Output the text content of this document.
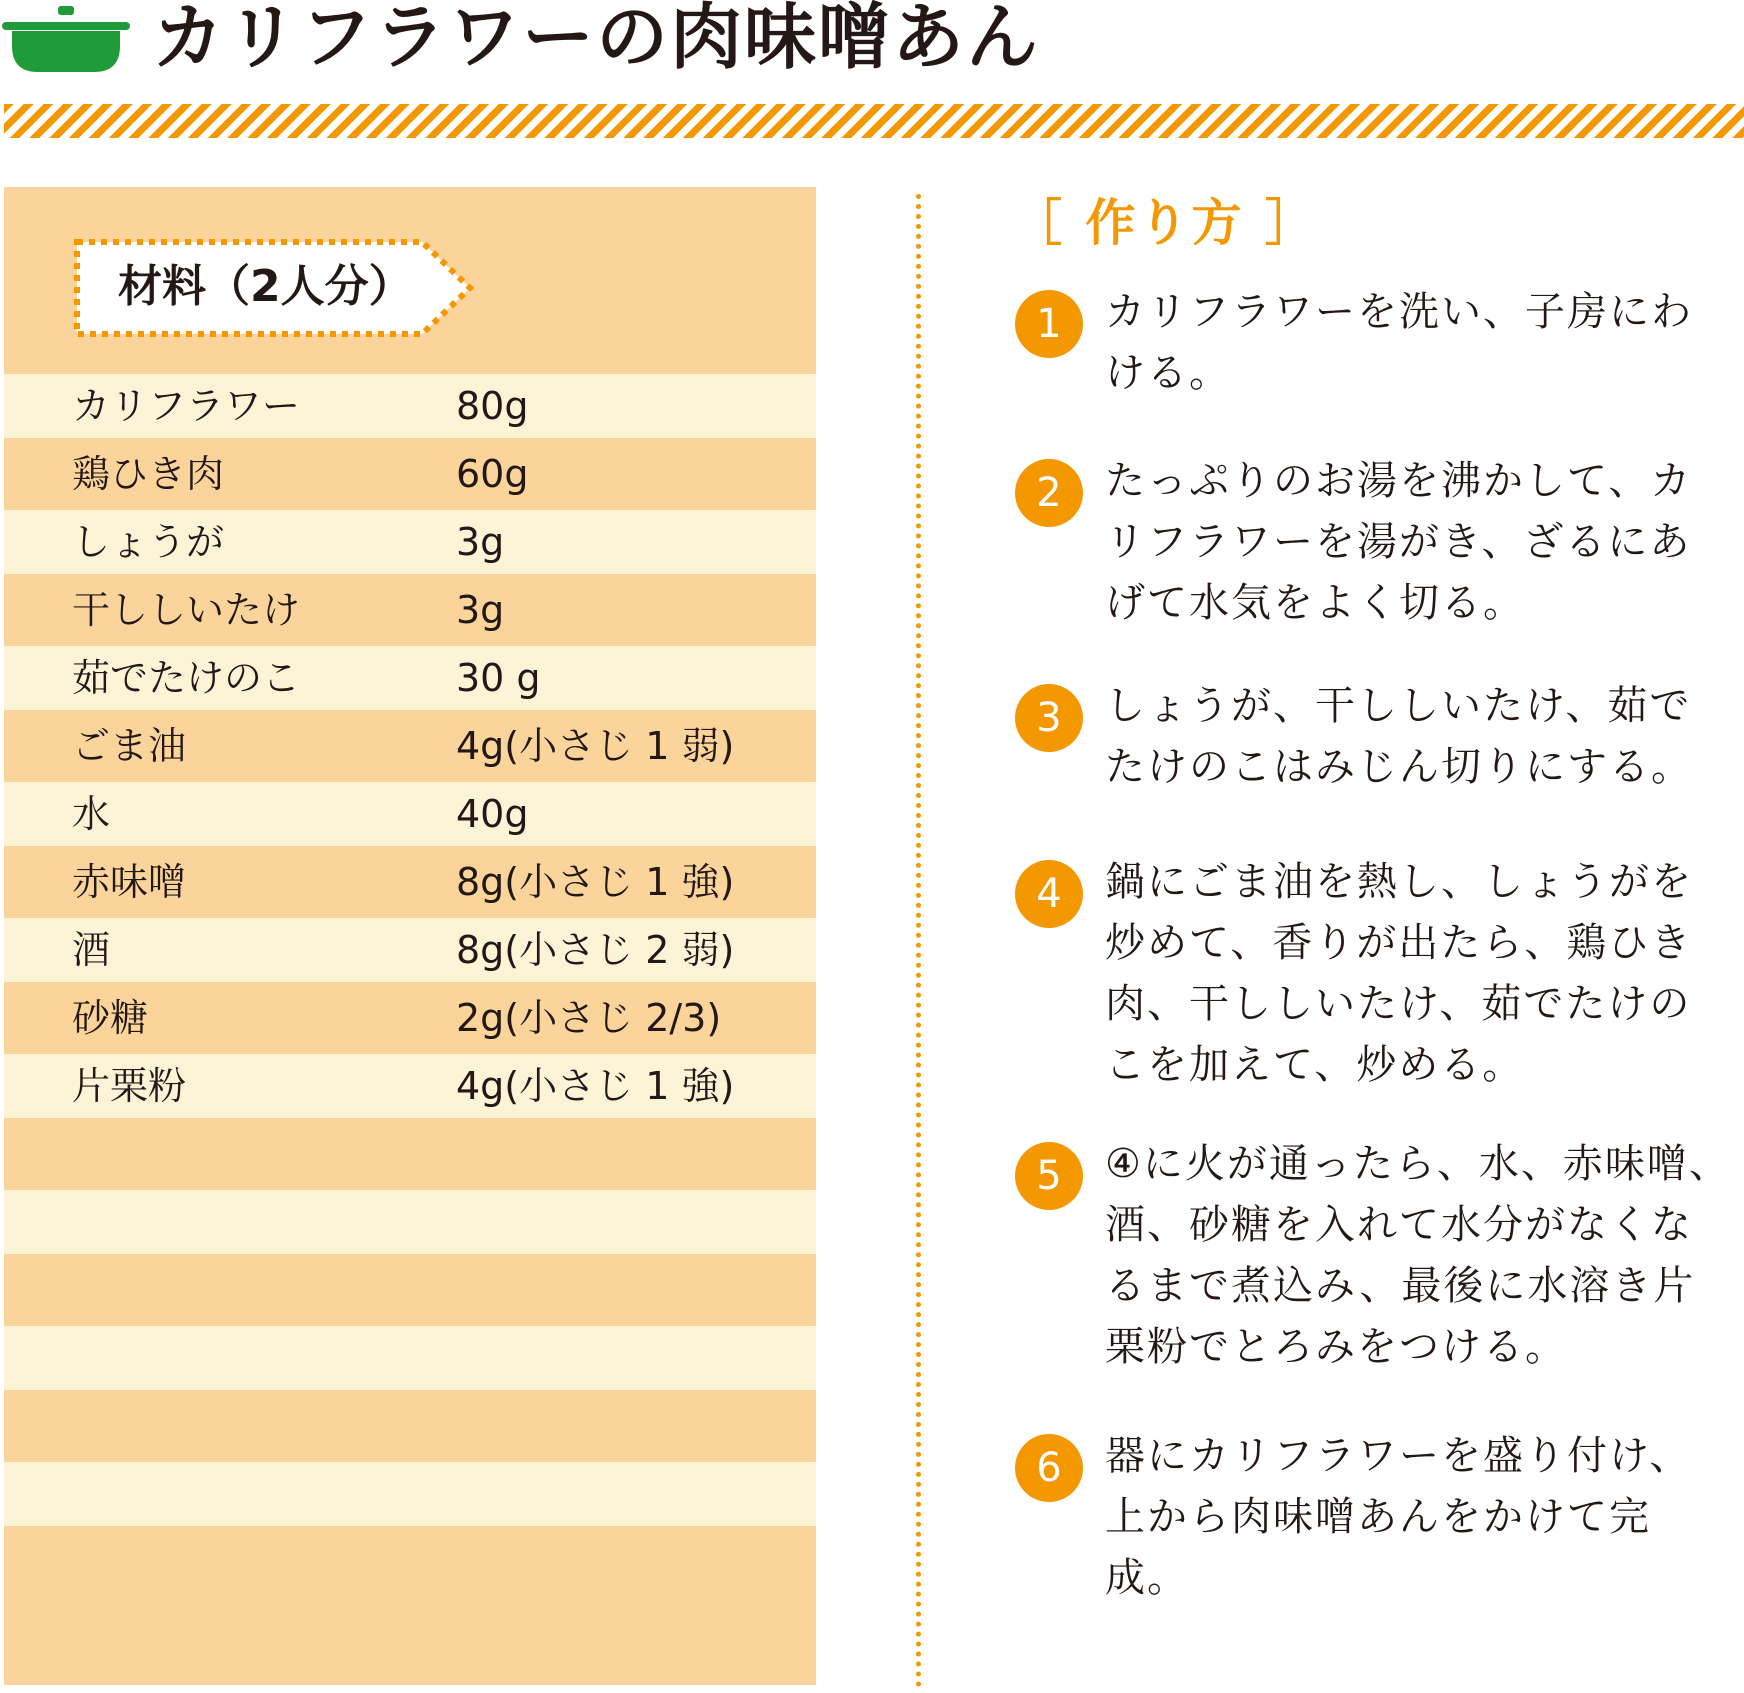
カリフラワーの肉味噌あん
材料（2人分）
カリフラワー	80g
鶏ひき肉	60g
しょうが	3g
干ししいたけ	3g
茹でたけのこ	30 g
ごま油	4g(小さじ 1 弱)
水	40g
赤味噌	8g(小さじ 1 強)
酒	8g(小さじ 2 弱)
砂糖	2g(小さじ 2/3)
片栗粉	4g(小さじ 1 強)
［ 作り方 ］
1	カリフラワーを洗い、子房にわける。
2	たっぷりのお湯を沸かして、カリフラワーを湯がき、ざるにあげて水気をよく切る。
3	しょうが、干ししいたけ、茹でたけのこはみじん切りにする。
4	鍋にごま油を熱し、しょうがを炒めて、香りが出たら、鶏ひき肉、干ししいたけ、茹でたけのこを加えて、炒める。
5	④に火が通ったら、水、赤味噌、酒、砂糖を入れて水分がなくなるまで煮込み、最後に水溶き片栗粉でとろみをつける。
6	器にカリフラワーを盛り付け、上から肉味噌あんをかけて完成。
